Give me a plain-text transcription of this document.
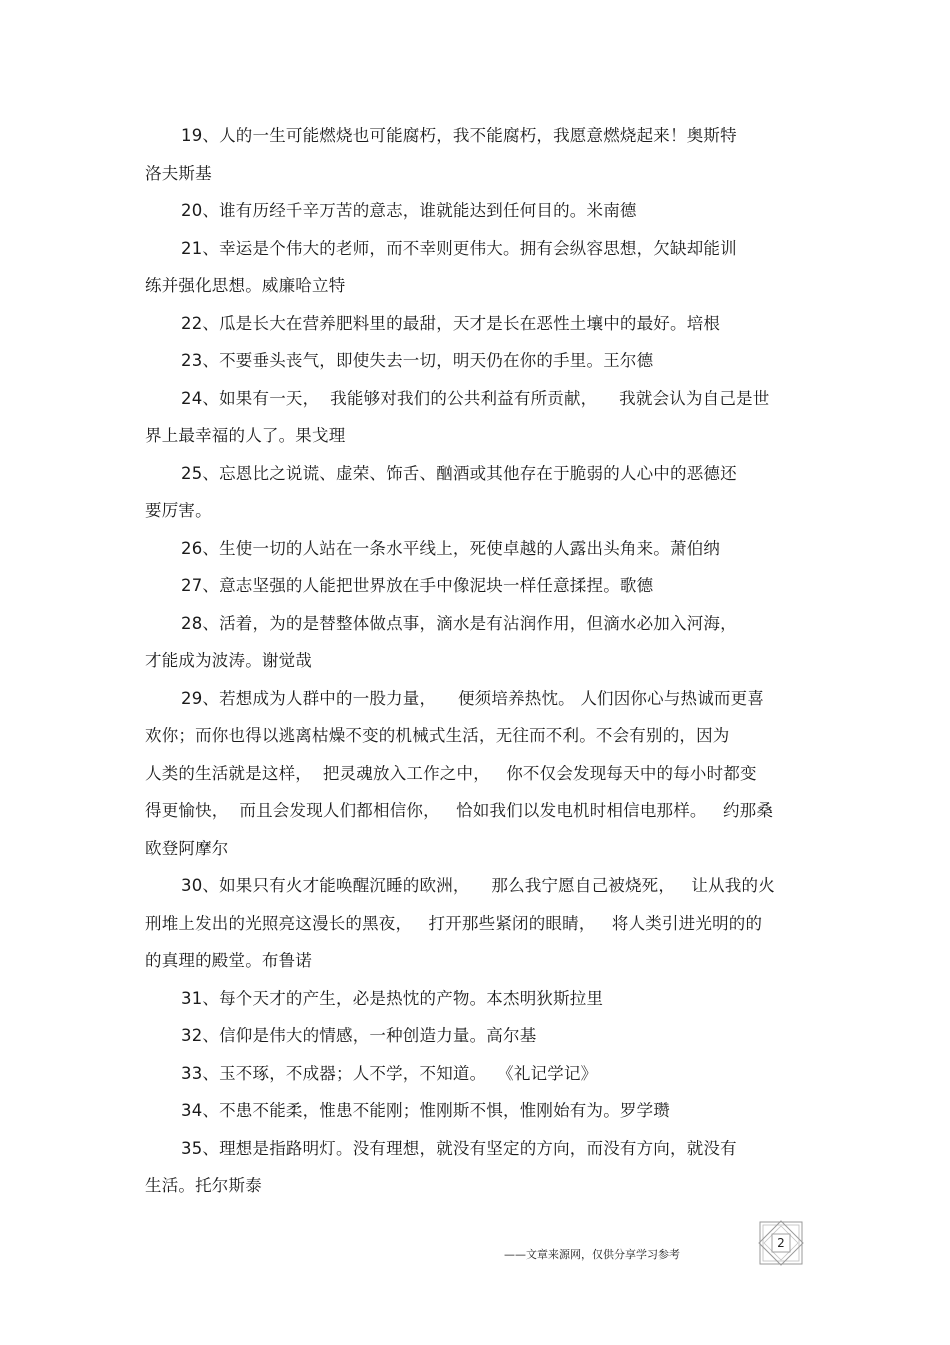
19、人的一生可能燃烧也可能腐朽，我不能腐朽，我愿意燃烧起来！奥斯特
洛夫斯基
20、谁有历经千辛万苦的意志，谁就能达到任何目的。米南德
21、幸运是个伟大的老师，而不幸则更伟大。拥有会纵容思想，欠缺却能训
练并强化思想。威廉哈立特
22、瓜是长大在营养肥料里的最甜，天才是长在恶性土壤中的最好。培根
23、不要垂头丧气，即使失去一切，明天仍在你的手里。王尔德
24、如果有一天，  我能够对我们的公共利益有所贡献，    我就会认为自己是世
界上最幸福的人了。果戈理
25、忘恩比之说谎、虚荣、饰舌、酗酒或其他存在于脆弱的人心中的恶德还
要厉害。
26、生使一切的人站在一条水平线上，死使卓越的人露出头角来。萧伯纳
27、意志坚强的人能把世界放在手中像泥块一样任意揉捏。歌德
28、活着，为的是替整体做点事，滴水是有沾润作用，但滴水必加入河海，
才能成为波涛。谢觉哉
29、若想成为人群中的一股力量，    便须培养热忱。 人们因你心与热诚而更喜
欢你；而你也得以逃离枯燥不变的机械式生活，无往而不利。不会有别的，因为
人类的生活就是这样，  把灵魂放入工作之中，   你不仅会发现每天中的每小时都变
得更愉快，  而且会发现人们都相信你，   恰如我们以发电机时相信电那样。   约那桑
欧登阿摩尔
30、如果只有火才能唤醒沉睡的欧洲，    那么我宁愿自己被烧死，   让从我的火
刑堆上发出的光照亮这漫长的黑夜，   打开那些紧闭的眼睛，   将人类引进光明的的
的真理的殿堂。布鲁诺
31、每个天才的产生，必是热忱的产物。本杰明狄斯拉里
32、信仰是伟大的情感，一种创造力量。高尔基
33、玉不琢，不成器；人不学，不知道。  《礼记学记》
34、不患不能柔，惟患不能刚；惟刚斯不惧，惟刚始有为。罗学瓒
35、理想是指路明灯。没有理想，就没有坚定的方向，而没有方向，就没有
生活。托尔斯泰
——文章来源网，仅供分享学习参考
2
